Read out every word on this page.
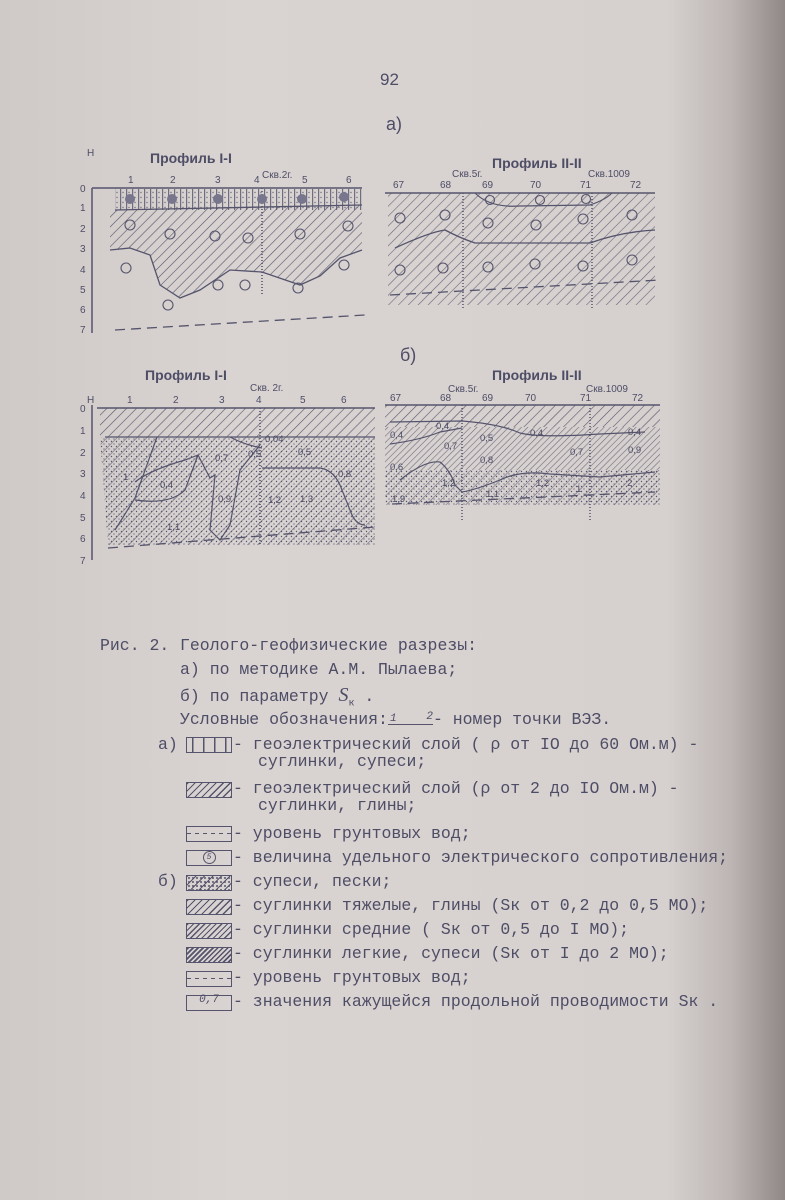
92
а)
б)
Профиль I-I
Н
0
1
2
3
4
5
6
7
1	2	3	4	5	6
Скв.2г.
Профиль II-II
67	68	69	70	71	72
Скв.5г.	Скв.1009
Профиль I-I
Н
0
1
2
3
4
5
6
7
1	2	3	4	5	6
Скв. 2г.
1
0,4
0,7 0,5
0,04
0,5
0,8
0,9	1,2 1,3
1,1
Профиль II-II
67	68	69	70	71	72
Скв.5г.	Скв.1009
0,4
0,4
0,7
0,5	0,4	0,4
0,7	0,9
0,6
0,8
1,2
1,1
1,2
1
2
1,9
Рис. 2. Геолого-геофизические разрезы:
а) по методике А.М. Пылаева;
б) по параметру $S_к$ .
Условные обозначения: 1	2 - номер точки ВЭЗ.
а)	- геоэлектрический слой ( ρ от IO до 60 Ом.м) -
суглинки, супеси;
- геоэлектрический слой (ρ от 2 до IO Ом.м) -
суглинки, глины;
- уровень грунтовых вод;
5	- величина удельного электрического сопротивления;
б)	- супеси, пески;
- суглинки тяжелые, глины (Sк от 0,2 до 0,5 МО);
- суглинки средние ( Sк от 0,5 до I МО);
- суглинки легкие, супеси (Sк от I до 2 МО);
- уровень грунтовых вод;
0,7 - значения кажущейся продольной проводимости Sк .
